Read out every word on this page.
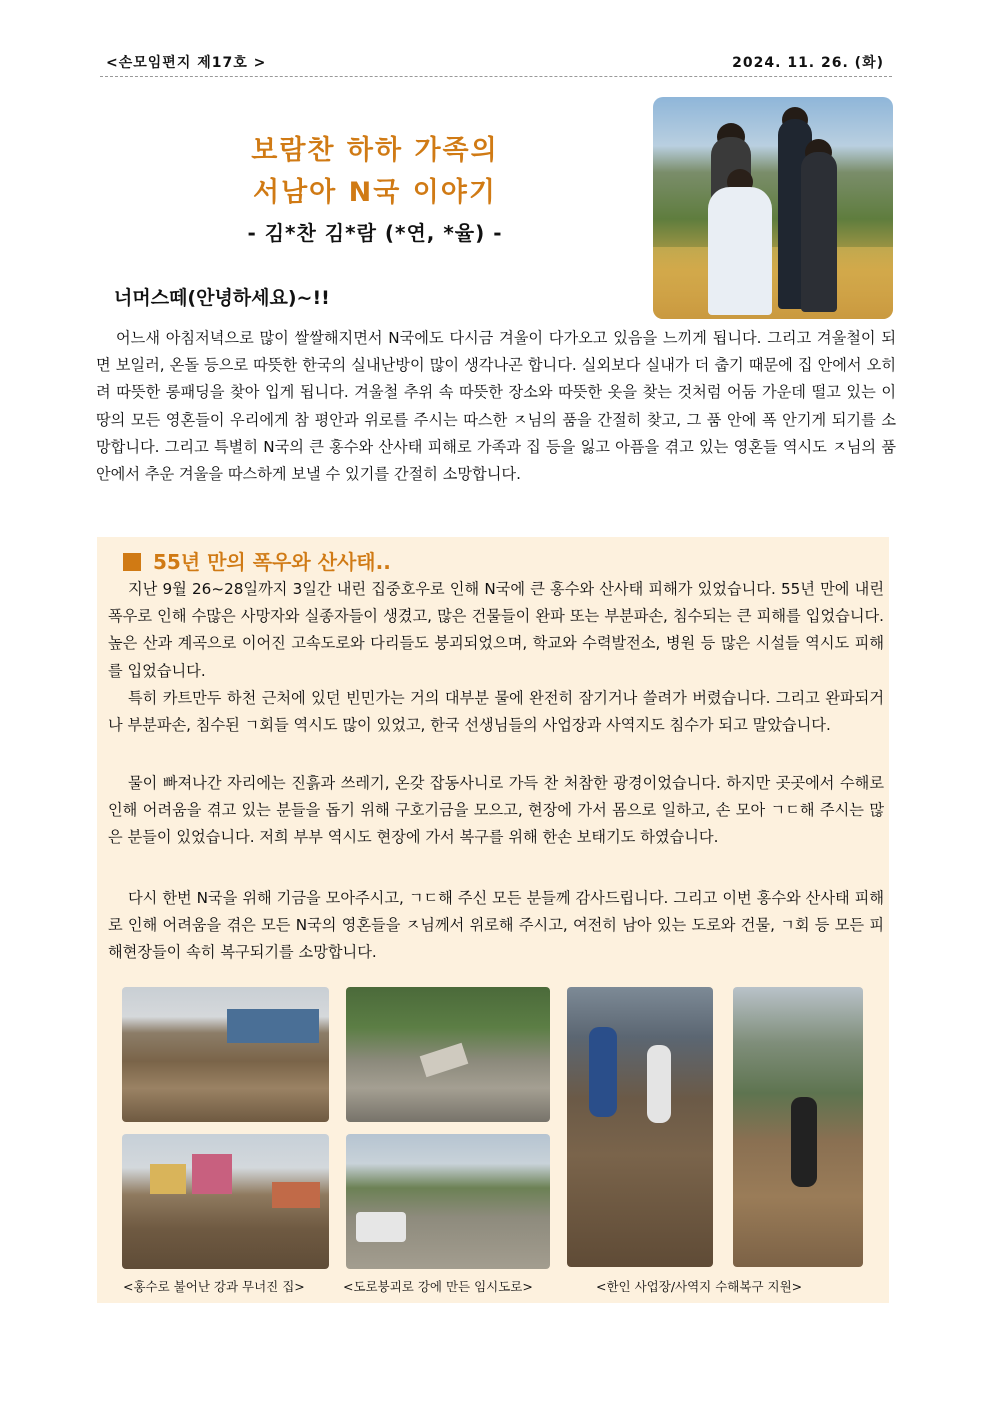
<손모임편지 제17호 >	2024. 11. 26. (화)
보람찬 하하 가족의
서남아 N국 이야기
- 김*찬 김*람 (*연, *율) -
너머스떼(안녕하세요)~!!
어느새 아침저녁으로 많이 쌀쌀해지면서 N국에도 다시금 겨울이 다가오고 있음을 느끼게 됩니다. 그리고 겨울철이 되면 보일러, 온돌 등으로 따뜻한 한국의 실내난방이 많이 생각나곤 합니다. 실외보다 실내가 더 춥기 때문에 집 안에서 오히려 따뜻한 롱패딩을 찾아 입게 됩니다. 겨울철 추위 속 따뜻한 장소와 따뜻한 옷을 찾는 것처럼 어둠 가운데 떨고 있는 이 땅의 모든 영혼들이 우리에게 참 평안과 위로를 주시는 따스한 ㅈ님의 품을 간절히 찾고, 그 품 안에 폭 안기게 되기를 소망합니다. 그리고 특별히 N국의 큰 홍수와 산사태 피해로 가족과 집 등을 잃고 아픔을 겪고 있는 영혼들 역시도 ㅈ님의 품 안에서 추운 겨울을 따스하게 보낼 수 있기를 간절히 소망합니다.
55년 만의 폭우와 산사태..
지난 9월 26~28일까지 3일간 내린 집중호우로 인해 N국에 큰 홍수와 산사태 피해가 있었습니다. 55년 만에 내린 폭우로 인해 수많은 사망자와 실종자들이 생겼고, 많은 건물들이 완파 또는 부분파손, 침수되는 큰 피해를 입었습니다. 높은 산과 계곡으로 이어진 고속도로와 다리들도 붕괴되었으며, 학교와 수력발전소, 병원 등 많은 시설들 역시도 피해를 입었습니다.
특히 카트만두 하천 근처에 있던 빈민가는 거의 대부분 물에 완전히 잠기거나 쓸려가 버렸습니다. 그리고 완파되거나 부분파손, 침수된 ㄱ회들 역시도 많이 있었고, 한국 선생님들의 사업장과 사역지도 침수가 되고 말았습니다.
물이 빠져나간 자리에는 진흙과 쓰레기, 온갖 잡동사니로 가득 찬 처참한 광경이었습니다. 하지만 곳곳에서 수해로 인해 어려움을 겪고 있는 분들을 돕기 위해 구호기금을 모으고, 현장에 가서 몸으로 일하고, 손 모아 ㄱㄷ해 주시는 많은 분들이 있었습니다. 저희 부부 역시도 현장에 가서 복구를 위해 한손 보태기도 하였습니다.
다시 한번 N국을 위해 기금을 모아주시고, ㄱㄷ해 주신 모든 분들께 감사드립니다. 그리고 이번 홍수와 산사태 피해로 인해 어려움을 겪은 모든 N국의 영혼들을 ㅈ님께서 위로해 주시고, 여전히 남아 있는 도로와 건물, ㄱ회 등 모든 피해현장들이 속히 복구되기를 소망합니다.
<홍수로 불어난 강과 무너진 집>	<도로붕괴로 강에 만든 임시도로>	<한인 사업장/사역지 수해복구 지원>
